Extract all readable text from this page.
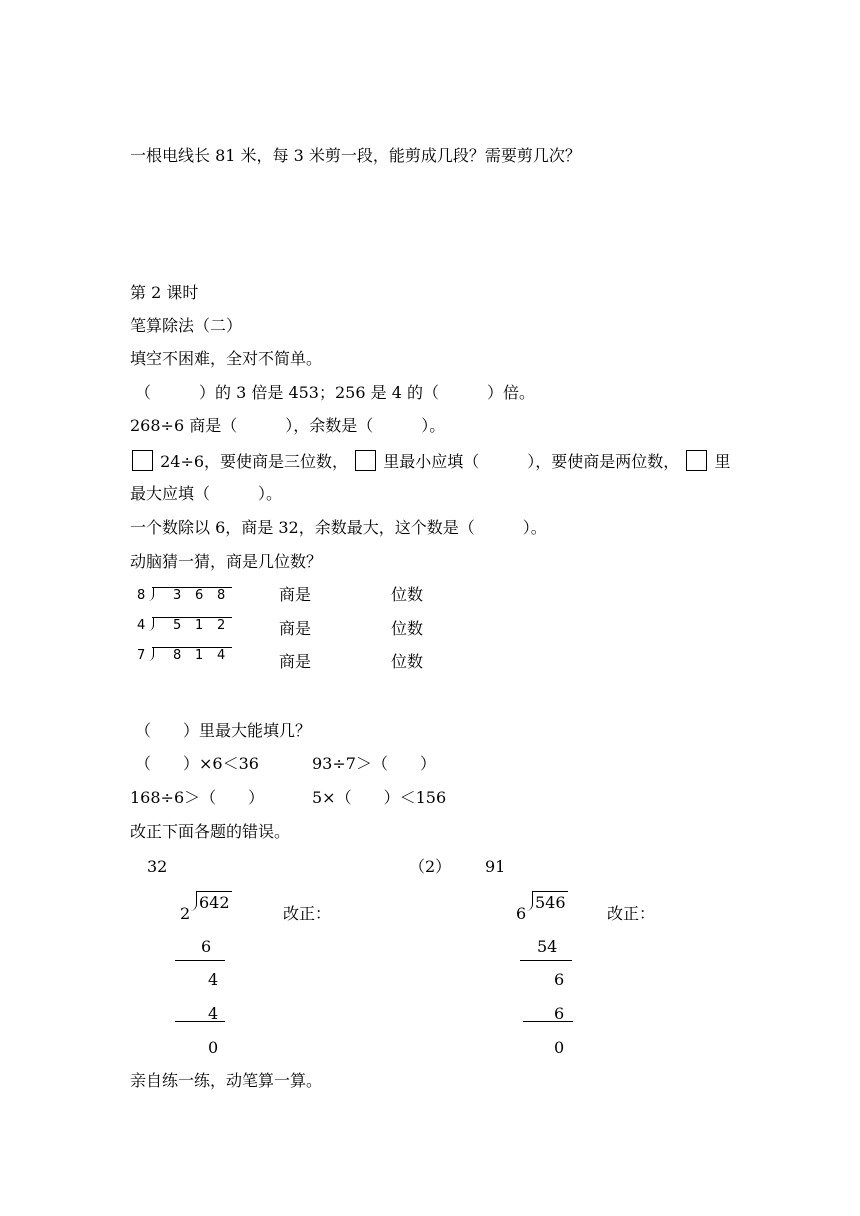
一根电线长 81 米，每 3 米剪一段，能剪成几段？需要剪几次？
第 2 课时
笔算除法（二）
填空不困难，全对不简单。
（　　　）的 3 倍是 453；256 是 4 的（　　　）倍。
268÷6 商是（　　　），余数是（　　　）。
24÷6，要使商是三位数， 里最小应填（　　　），要使商是两位数， 里
最大应填（　　　）。
一个数除以 6，商是 32，余数最大，这个数是（　　　）。
动脑猜一猜，商是几位数？
8 3 6 8	商是	位数
4 5 1 2	商是	位数
7 8 1 4	商是	位数
（　　）里最大能填几？
（　　）×6＜36	93÷7＞（　　）
168÷6＞（　　）	5×（　　）＜156
改正下面各题的错误。
32
2
642
改正：
6
4
4
0
（2） 91
6
546
改正：
54
6
6
0
亲自练一练，动笔算一算。
